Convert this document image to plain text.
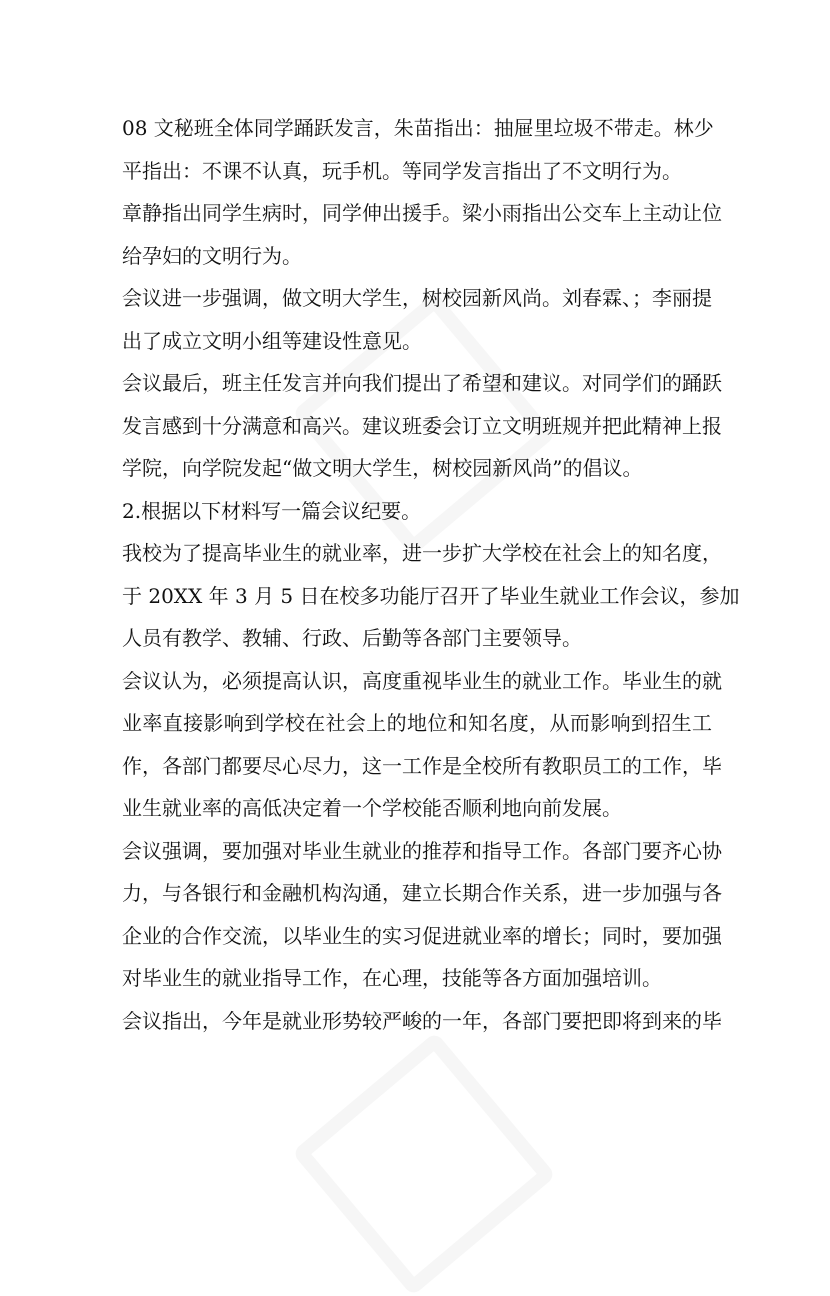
08 文秘班全体同学踊跃发言，朱苗指出：抽屉里垃圾不带走。林少
平指出：不课不认真，玩手机。等同学发言指出了不文明行为。
章静指出同学生病时，同学伸出援手。梁小雨指出公交车上主动让位
给孕妇的文明行为。
会议进一步强调，做文明大学生，树校园新风尚。刘春霖、；李丽提
出了成立文明小组等建设性意见。
会议最后，班主任发言并向我们提出了希望和建议。对同学们的踊跃
发言感到十分满意和高兴。建议班委会订立文明班规并把此精神上报
学院，向学院发起“做文明大学生，树校园新风尚”的倡议。
2.根据以下材料写一篇会议纪要。
我校为了提高毕业生的就业率，进一步扩大学校在社会上的知名度，
于 20XX 年 3 月 5 日在校多功能厅召开了毕业生就业工作会议，参加
人员有教学、教辅、行政、后勤等各部门主要领导。
会议认为，必须提高认识，高度重视毕业生的就业工作。毕业生的就
业率直接影响到学校在社会上的地位和知名度，从而影响到招生工
作，各部门都要尽心尽力，这一工作是全校所有教职员工的工作，毕
业生就业率的高低决定着一个学校能否顺利地向前发展。
会议强调，要加强对毕业生就业的推荐和指导工作。各部门要齐心协
力，与各银行和金融机构沟通，建立长期合作关系，进一步加强与各
企业的合作交流，以毕业生的实习促进就业率的增长；同时，要加强
对毕业生的就业指导工作，在心理，技能等各方面加强培训。
会议指出，今年是就业形势较严峻的一年，各部门要把即将到来的毕
